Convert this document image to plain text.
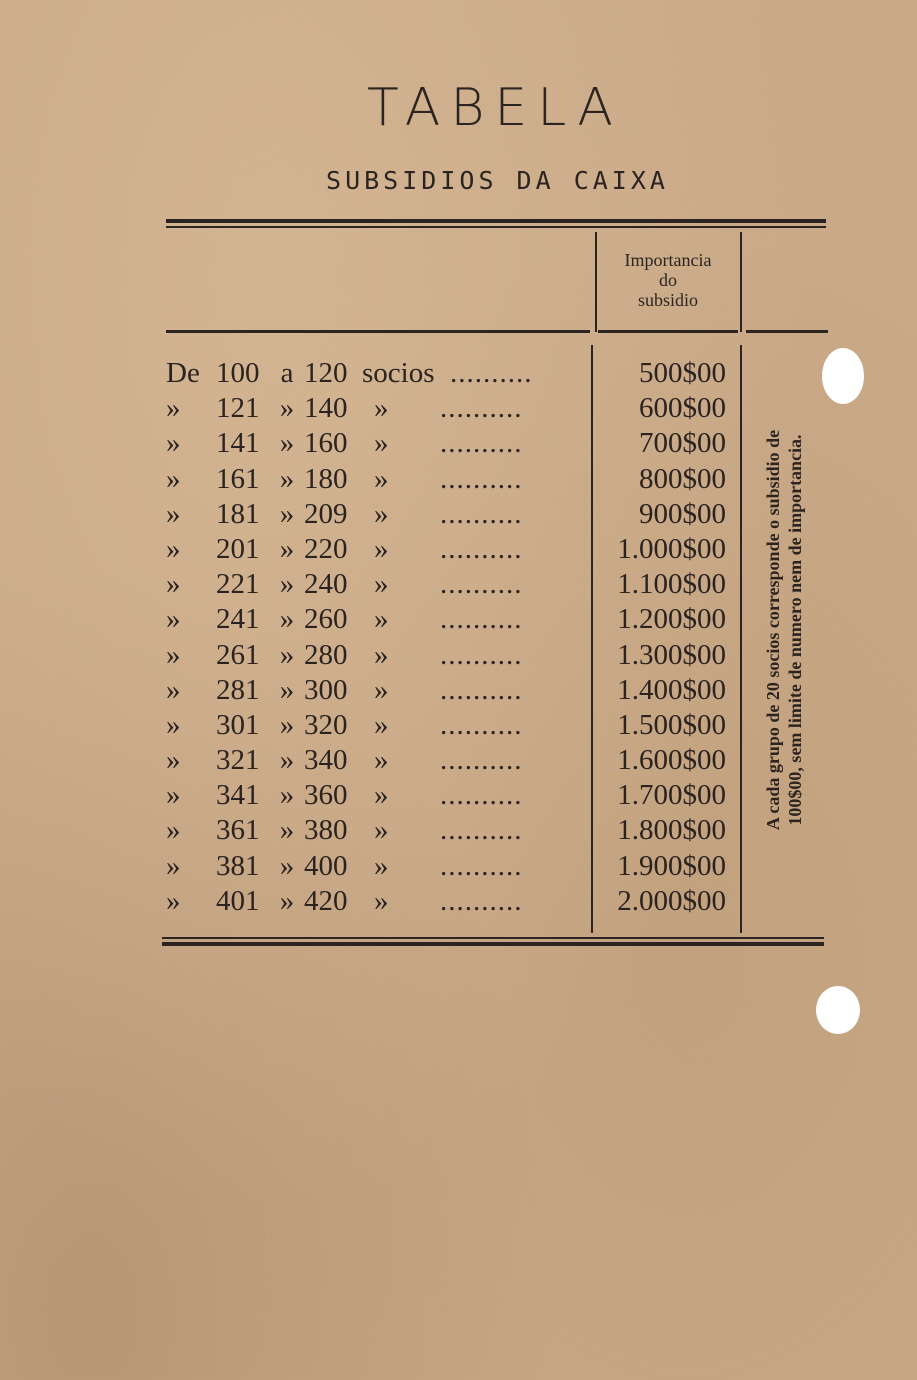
TABELA
SUBSIDIOS DA CAIXA
Importancia
do
subsidio
De 100 a 120 socios ..........	500$00
»	121 » 140 » ..........	600$00
»	141 » 160 » ..........	700$00
»	161 » 180 » ..........	800$00
»	181 » 209 » ..........	900$00
»	201 » 220 » ..........	1.000$00
»	221 » 240 » ..........	1.100$00
»	241 » 260 » ..........	1.200$00
»	261 » 280 » ..........	1.300$00
»	281 » 300 » ..........	1.400$00
»	301 » 320 » ..........	1.500$00
»	321 » 340 » ..........	1.600$00
»	341 » 360 » ..........	1.700$00
»	361 » 380 » ..........	1.800$00
»	381 » 400 » ..........	1.900$00
»	401 » 420 » ..........	2.000$00
A cada grupo de 20 socios corresponde o subsidio de 100$00, sem limite de numero nem de importancia.
